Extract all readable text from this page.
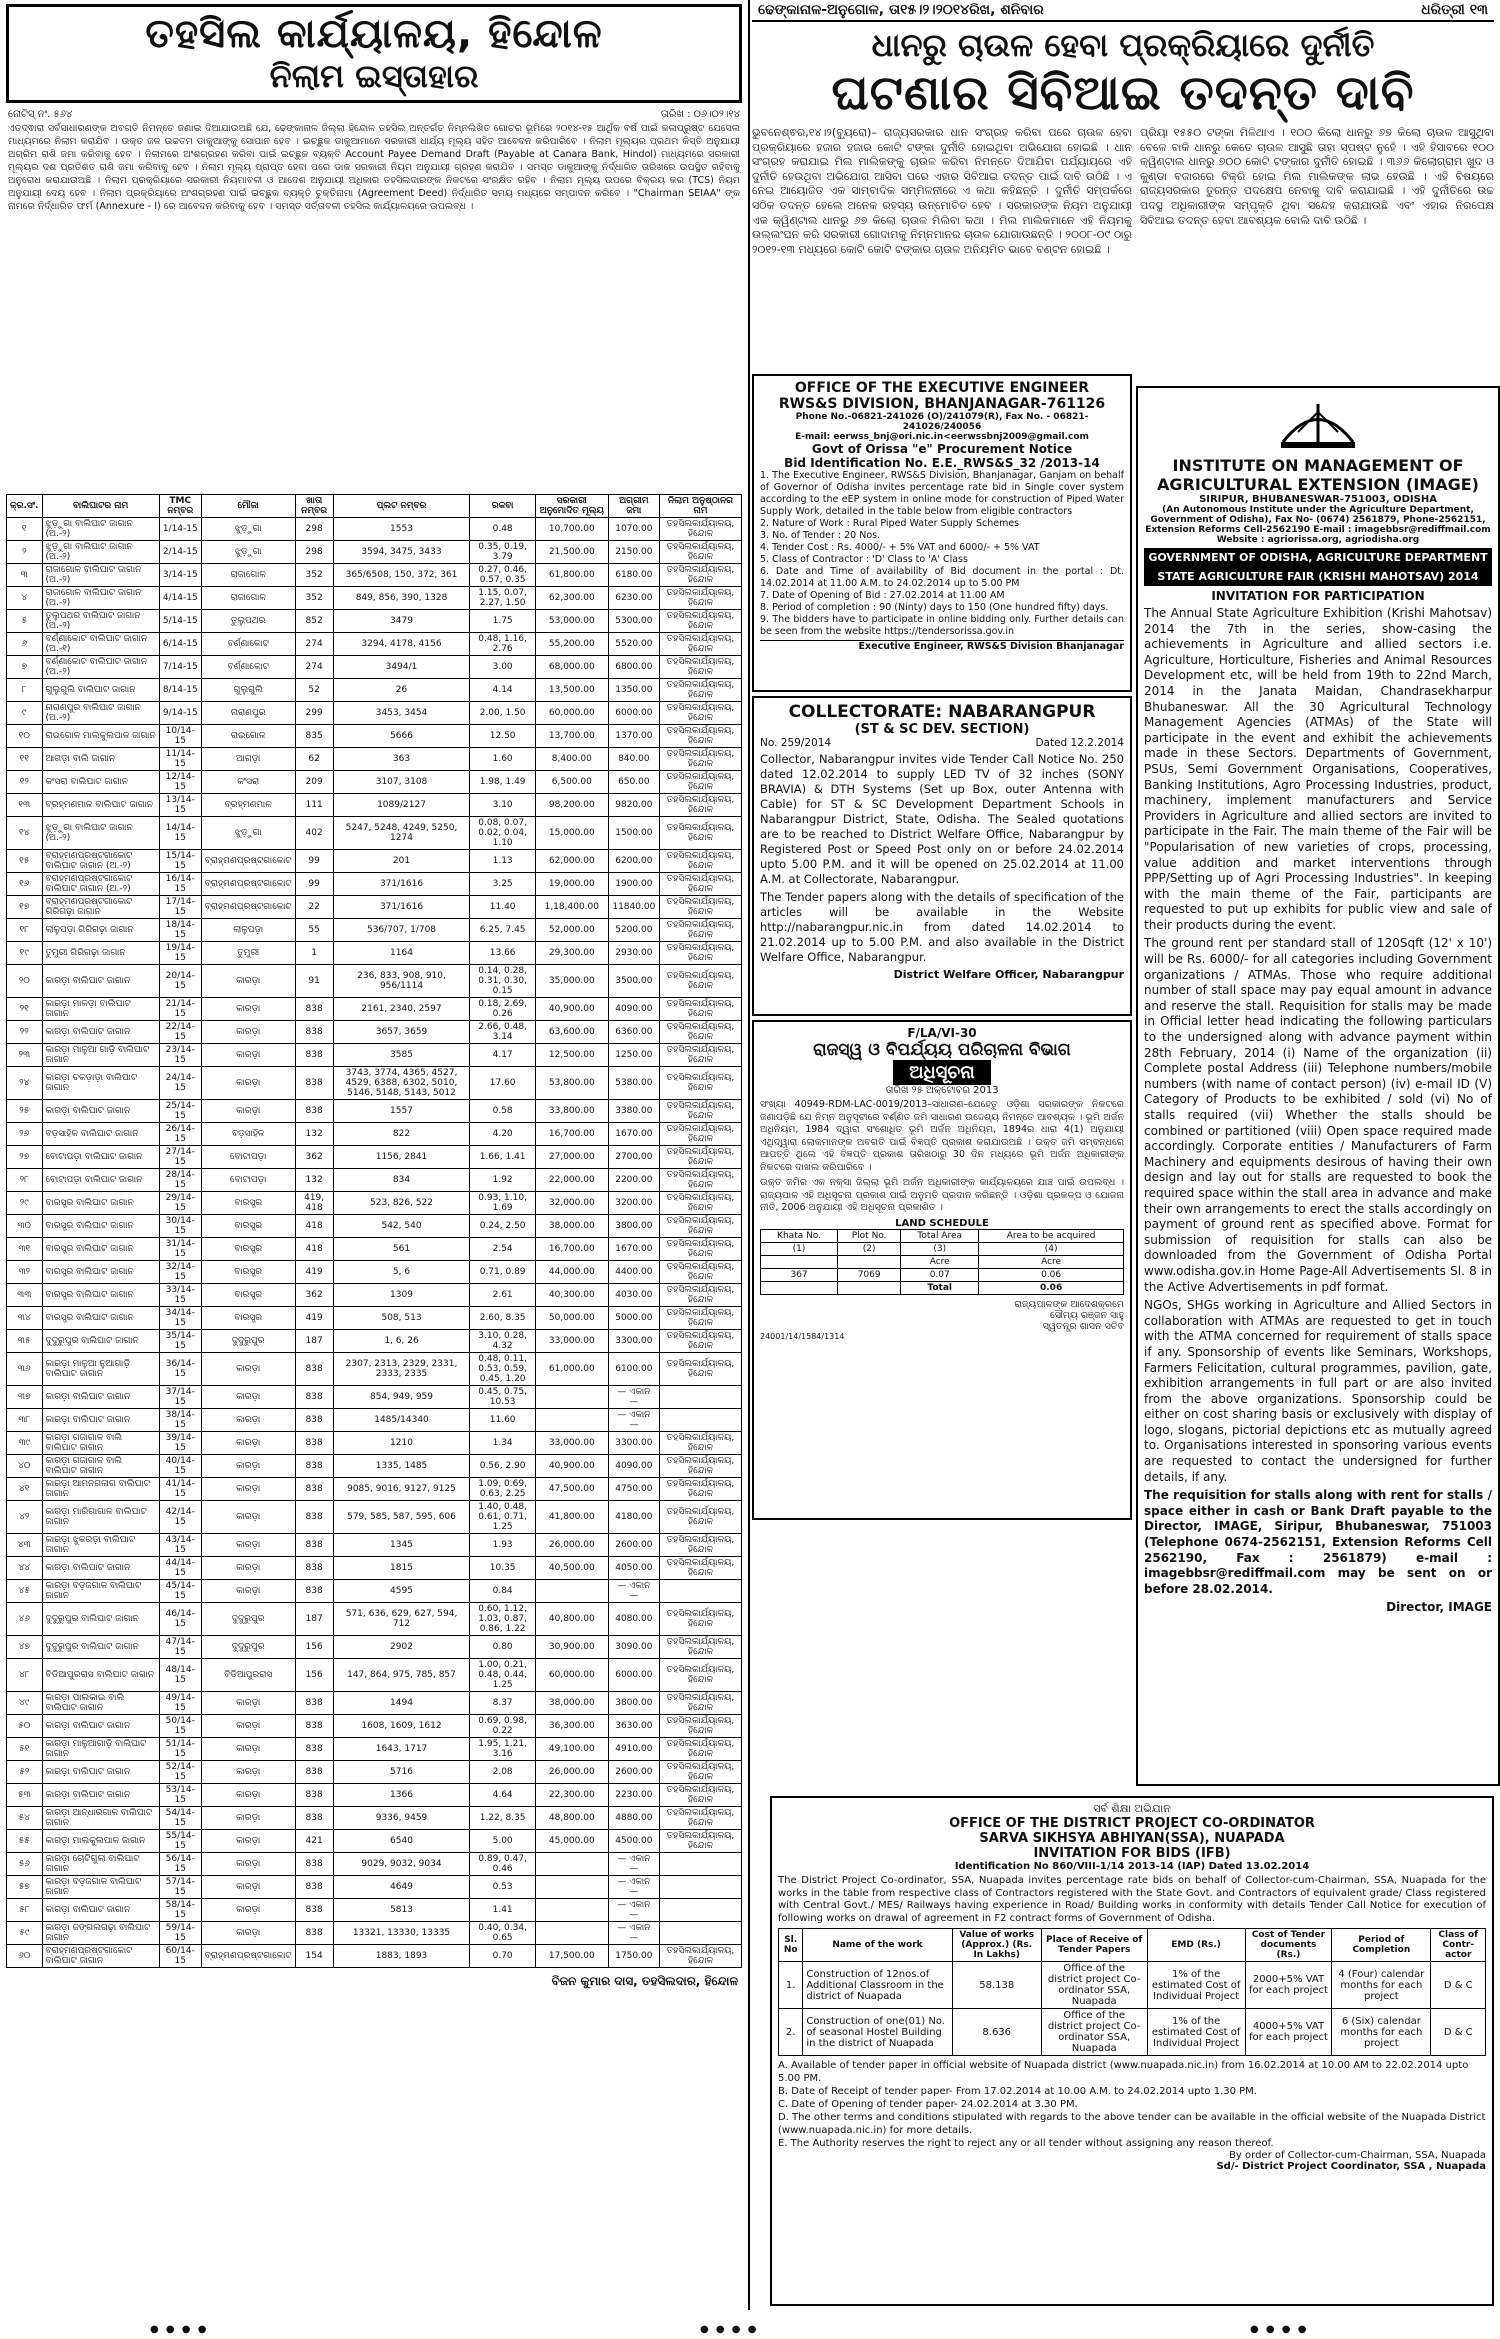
ତହସିଲ କାର୍ଯ୍ୟାଳୟ, ହିନ୍ଦୋଳ
ନିଲାମ ଇସ୍ତାହାର
ନୋଟିସ୍ ନଂ. ୫୬୪	ତାରିଖ : ୦୬।୦୨।୧୪
ଏତଦ୍ଵାରା ସର୍ବସାଧାରଣଙ୍କ ଅବଗତି ନିମନ୍ତେ ଜଣାଇ ଦିଆଯାଉଅଛି ଯେ, ଢେଙ୍କାନାଳ ଜିଲ୍ଲା ହିନ୍ଦୋଳ ତହସିଲ ଅନ୍ତର୍ଗତ ନିମ୍ନଲିଖିତ ଗୋଚର ଭୂମିରେ ୨୦୧୪-୧୫ ଆର୍ଥିକ ବର୍ଷ ପାଇଁ କଳାପ୍ରୁଷ୍ଟ ଯେସେଲ ମାଧ୍ୟମରେ ନିଲାମ କରାଯିବ । ଉକ୍ତ ଜଳ ଉଚ୍ଚତମ ଡାକୁଆଙ୍କୁ ସୋପାନ ହେବ । ଇଚ୍ଛୁକ ଡାକୁଆମାନେ ସରକାରୀ ଧାର୍ଯ୍ୟ ମୂଲ୍ୟ ସହିତ ଆବେଦନ କରିପାରିବେ । ନିଲାମ ମୂଲ୍ୟର ପ୍ରଥମ କିସ୍ତି ଅନୁଯାୟୀ ଅଗ୍ରିମ ରାଶି ଜମା କରିବାକୁ ହେବ । ନିଲାମରେ ଅଂଶଗ୍ରହଣ କରିବା ପାଇଁ ଇଚ୍ଛୁକ ବ୍ୟକ୍ତି Account Payee Demand Draft (Payable at Canara Bank, Hindol) ମାଧ୍ୟମରେ ସରକାରୀ ମୂଲ୍ୟର ଦଶ ପ୍ରତିଶତ ରାଶି ଜମା କରିବାକୁ ହେବ । ନିଲାମ ମୂଲ୍ୟ ପ୍ରାପ୍ତ ହେବା ପରେ ଡାକ ସରକାରୀ ନିୟମ ଅନୁଯାୟୀ ଗ୍ରହଣ କରାଯିବ । ସମସ୍ତ ଡାକୁଆଙ୍କୁ ନିର୍ଦ୍ଧାରିତ ତାରିଖରେ ଉପସ୍ଥିତ ରହିବାକୁ ଅନୁରୋଧ କରାଯାଉଅଛି । ନିଲାମ ପ୍ରକ୍ରିୟାରେ ସରକାରୀ ନିୟମାବଳୀ ଓ ଆଦେଶ ଅନୁଯାୟୀ ଅଧିକାର ତହସିଲଦାରଙ୍କ ନିକଟରେ ସଂରକ୍ଷିତ ରହିବ । ନିଲାମ ମୂଲ୍ୟ ଉପରେ ବିକ୍ରୟ କର (TCS) ନିୟମ ଅନୁଯାୟୀ ଦେୟ ହେବ । ନିଲାମ ପ୍ରକ୍ରିୟାରେ ଅଂଶଗ୍ରହଣ ପାଇଁ ଇଚ୍ଛୁକ ବ୍ୟକ୍ତି ଚୁକ୍ତିନାମା (Agreement Deed) ନିର୍ଦ୍ଧାରିତ ସମୟ ମଧ୍ୟରେ ସମ୍ପାଦନ କରିବେ । "Chairman SEIAA" ଙ୍କ ନାମରେ ନିର୍ଦ୍ଧାରିତ ଫର୍ମ (Annexure - I) ରେ ଆବେଦନ କରିବାକୁ ହେବ । ସମସ୍ତ ସର୍ତ୍ତାବଳୀ ତହସିଲ କାର୍ଯ୍ୟାଳୟରେ ଉପଲବ୍ଧ ।
କ୍ର.ସଂ.	ବାଲିଘାଟର ନାମ	TMC ନମ୍ବର	ମୌଜା	ଖାତା ନମ୍ବର	ପ୍ଲଟ ନମ୍ବର	ରକବା	ସରକାରୀ ଅନୁମୋଦିତ ମୂଲ୍ୟ	ଅଗ୍ରୀମ ଜମା	ନିଲାମ ଅନୁଷ୍ଠାନର ନାମ
୧	ଝୁଡ଼ୁଗା ବାଲିଘାଟ ଜାଗାନ (ଅ.-୨)	1/14-15	ଝୁଡ଼ୁଗା	298	1553	0.48	10,700.00	1070.00	ତହସିଲକାର୍ଯ୍ୟାଳୟ, ହିନ୍ଦୋଳ
୨	ଝୁଡ଼ୁଗା ବାଲିଘାଟ ଜାଗାନ (ଅ.-୨)	2/14-15	ଝୁଡ଼ୁଗା	298	3594, 3475, 3433	0.35, 0.19, 3.79	21,500.00	2150.00	ତହସିଲକାର୍ଯ୍ୟାଳୟ, ହିନ୍ଦୋଳ
୩	ରାଜାଗୋଳ ବାଲିଘାଟ ଜାଗାନ (ଅ.-୨)	3/14-15	ରାଜାଗୋଳ	352	365/6508, 150, 372, 361	0.27, 0.46, 0.57, 0.35	61,800.00	6180.00	ତହସିଲକାର୍ଯ୍ୟାଳୟ, ହିନ୍ଦୋଳ
୪	ରାଜାଗୋଳ ବାଲିଘାଟ ଜାଗାନ (ଅ.-୨)	4/14-15	ରାଜାଗୋଳ	352	849, 856, 390, 1328	1.15, 0.07, 2.27, 1.50	62,300.00	6230.00	ତହସିଲକାର୍ଯ୍ୟାଳୟ, ହିନ୍ଦୋଳ
୫	ତୁଲୁପଥର ବାଲିଘାଟ ଜାଗାନ (ଅ.-୨)	5/14-15	ତୁଲୁପଥର	852	3479	1.75	53,000.00	5300.00	ତହସିଲକାର୍ଯ୍ୟାଳୟ, ହିନ୍ଦୋଳ
୬	ବର୍ଣ୍ଣାକୋଟ ବାଲିଘାଟ ଜାଗାନ (ଅ.-୧)	6/14-15	ବର୍ଣ୍ଣାକୋଟ	274	3294, 4178, 4156	0.48, 1.16, 2.76	55,200.00	5520.00	ତହସିଲକାର୍ଯ୍ୟାଳୟ, ହିନ୍ଦୋଳ
୭	ବର୍ଣ୍ଣାକୋଟ ବାଲିଘାଟ ଜାଗାନ (ଅ.-୨)	7/14-15	ବର୍ଣ୍ଣାକୋଟ	274	3494/1	3.00	68,000.00	6800.00	ତହସିଲକାର୍ଯ୍ୟାଳୟ, ହିନ୍ଦୋଳ
୮	ଗୁଲୁଗୁଲି ବାଲିଘାଟ ଜାଗାନ	8/14-15	ଗୁଲୁଗୁଲି	52	26	4.14	13,500.00	1350.00	ତହସିଲକାର୍ଯ୍ୟାଳୟ, ହିନ୍ଦୋଳ
୯	ନାରାଣପୁର ବାଲିଘାଟ ଜାଗାନ (ଅ.-୨)	9/14-15	ନାରାଣପୁର	299	3453, 3454	2.00, 1.50	60,000.00	6000.00	ତହସିଲକାର୍ଯ୍ୟାଳୟ, ହିନ୍ଦୋଳ
୧୦	ରାଇଗୋଳ ମାଲକୁଲପାଳ ଜାଗାନ	10/14-15	ରାଇଗୋଳ	835	5666	12.50	13,700.00	1370.00	ତହସିଲକାର୍ଯ୍ୟାଳୟ, ହିନ୍ଦୋଳ
୧୧	ଆଗଡ଼ା ବାଲି ଜାଗାନ	11/14-15	ଆଗଡ଼ା	62	363	1.60	8,400.00	840.00	ତହସିଲକାର୍ଯ୍ୟାଳୟ, ହିନ୍ଦୋଳ
୧୨	କଂସରା ବାଲିଘାଟ ଜାଗାନ	12/14-15	କଂସରା	209	3107, 3108	1.98, 1.49	6,500.00	650.00	ତହସିଲକାର୍ଯ୍ୟାଳୟ, ହିନ୍ଦୋଳ
୧୩	ବ୍ରହ୍ମଣମାଳ ବାଲିଘାଟ ଜାଗାନ	13/14-15	ବ୍ରହ୍ମଣମାଳ	111	1089/2127	3.10	98,200.00	9820.00	ତହସିଲକାର୍ଯ୍ୟାଳୟ, ହିନ୍ଦୋଳ
୧୪	ଝୁଡ଼ୁଗା ବାଲିଘାଟ ଜାଗାନ (ଅ.-୨)	14/14-15	ଝୁଡ଼ୁଗା	402	5247, 5248, 4249, 5250, 1274	0.08, 0.07, 0.02, 0.04, 1.10	15,000.00	1500.00	ତହସିଲକାର୍ଯ୍ୟାଳୟ, ହିନ୍ଦୋଳ
୧୫	ବ୍ରାହ୍ମଣପ୍ରଷ୍ଟଗାକୋଟ ବାଲିଘାଟ ଜାଗାନ (ଅ.-୨)	15/14-15	ବ୍ରାହ୍ମଣପ୍ରଷ୍ଟଗାକୋଟ	99	201	1.13	62,000.00	6200.00	ତହସିଲକାର୍ଯ୍ୟାଳୟ, ହିନ୍ଦୋଳ
୧୬	ବ୍ରାହ୍ମଣପ୍ରଷ୍ଟଗାକୋଟ ବାଲିଘାଟ ଜାଗାନ (ଅ.-୨)	16/14-15	ବ୍ରାହ୍ମଣପ୍ରଷ୍ଟଗାକୋଟ	99	371/1616	3.25	19,000.00	1900.00	ତହସିଲକାର୍ଯ୍ୟାଳୟ, ହିନ୍ଦୋଳ
୧୭	ବ୍ରାହ୍ମଣପ୍ରଷ୍ଟଗାକୋଟ ଗିରିଗଢ଼ା ଜାଗାନ	17/14-15	ବ୍ରାହ୍ମଣପ୍ରଷ୍ଟଗାକୋଟ	22	371/1616	11.40	1,18,400.00	11840.00	ତହସିଲକାର୍ଯ୍ୟାଳୟ, ହିନ୍ଦୋଳ
୧୮	ଲାଳୁପଡ଼ା ଗିରିଗଢ଼ା ଜାଗାନ	18/14-15	ଲାଳୁପଡ଼ା	55	536/707, 1/708	6.25, 7.45	52,000.00	5200.00	ତହସିଲକାର୍ଯ୍ୟାଳୟ, ହିନ୍ଦୋଳ
୧୯	ତୁମୁରୀ ଗିରିଗଢ଼ା ଜାଗାନ	19/14-15	ତୁମୁରୀ	1	1164	13.66	29,300.00	2930.00	ତହସିଲକାର୍ଯ୍ୟାଳୟ, ହିନ୍ଦୋଳ
୨୦	କାରଡ଼ା ବାଲିଘାଟ ଜାଗାନ	20/14-15	କାରଡ଼ା	91	236, 833, 908, 910, 956/1114	0.14, 0.28, 0.31, 0.30, 0.15	35,000.00	3500.00	ତହସିଲକାର୍ଯ୍ୟାଳୟ, ହିନ୍ଦୋଳ
୨୧	କାରଡ଼ା ମାଳଡ଼ା ବାଲିଘାଟ ଜାଗାନ	21/14-15	କାରଡ଼ା	838	2161, 2340, 2597	0.18, 2.69, 0.26	40,900.00	4090.00	ତହସିଲକାର୍ଯ୍ୟାଳୟ, ହିନ୍ଦୋଳ
୨୨	କାରଡ଼ା ବାଲିଘାଟ ଜାଗାନ	22/14-15	କାରଡ଼ା	838	3657, 3659	2.66, 0.48, 3.14	63,600.00	6360.00	ତହସିଲକାର୍ଯ୍ୟାଳୟ, ହିନ୍ଦୋଳ
୨୩	କାରଡ଼ା ମାଳୁଆ ଗାଡ଼ି ବାଲିଘାଟ ଜାଗାନ	23/14-15	କାରଡ଼ା	838	3585	4.17	12,500.00	1250.00	ତହସିଲକାର୍ଯ୍ୟାଳୟ, ହିନ୍ଦୋଳ
୨୪	କାରଡ଼ା ଚକଡ଼ାଡ଼ା ବାଲିଘାଟ ଜାଗାନ	24/14-15	କାରଡ଼ା	838	3743, 3774, 4365, 4527, 4529, 6388, 6302, 5010, 5146, 5148, 5143, 5012	17.60	53,800.00	5380.00	ତହସିଲକାର୍ଯ୍ୟାଳୟ, ହିନ୍ଦୋଳ
୨୫	କାରଡ଼ା ବାଲିଘାଟ ଜାଗାନ	25/14-15	କାରଡ଼ା	838	1557	0.58	33,800.00	3380.00	ତହସିଲକାର୍ଯ୍ୟାଳୟ, ହିନ୍ଦୋଳ
୨୬	ବଡ଼ସାହିଳ ବାଲିଘାଟ ଜାଗାନ	26/14-15	ବଡ଼ସାହିଳ	132	822	4.20	16,700.00	1670.00	ତହସିଲକାର୍ଯ୍ୟାଳୟ, ହିନ୍ଦୋଳ
୨୭	ବୋଟାପଡ଼ା ବାଲିଘାଟ ଜାଗାନ	27/14-15	ବୋଟାପଡ଼ା	362	1156, 2841	1.66, 1.41	27,000.00	2700.00	ତହସିଲକାର୍ଯ୍ୟାଳୟ, ହିନ୍ଦୋଳ
୨୮	ବୋଟାପଡ଼ା ବାଲିଘାଟ ଜାଗାନ	28/14-15	ବୋଟାପଡ଼ା	132	834	1.92	22,000.00	2200.00	ତହସିଲକାର୍ଯ୍ୟାଳୟ, ହିନ୍ଦୋଳ
୨୯	ବାରସ୍ତ୍ର ବାଲିଘାଟ ଜାଗାନ	29/14-15	ବାରସ୍ତ୍ର	419, 418	523, 826, 522	0.93, 1.10, 1.69	32,000.00	3200.00	ତହସିଲକାର୍ଯ୍ୟାଳୟ, ହିନ୍ଦୋଳ
୩୦	ବାରସ୍ତ୍ର ବାଲିଘାଟ ଜାଗାନ	30/14-15	ବାରସ୍ତ୍ର	418	542, 540	0.24, 2.50	38,000.00	3800.00	ତହସିଲକାର୍ଯ୍ୟାଳୟ, ହିନ୍ଦୋଳ
୩୧	ବାରସ୍ତ୍ର ବାଲିଘାଟ ଜାଗାନ	31/14-15	ବାରସ୍ତ୍ର	418	561	2.54	16,700.00	1670.00	ତହସିଲକାର୍ଯ୍ୟାଳୟ, ହିନ୍ଦୋଳ
୩୨	ବାରସ୍ତ୍ର ବାଲିଘାଟ ଜାଗାନ	32/14-15	ବାରସ୍ତ୍ର	419	5, 6	0.71, 0.89	44,000.00	4400.00	ତହସିଲକାର୍ଯ୍ୟାଳୟ, ହିନ୍ଦୋଳ
୩୩	ବାରସ୍ତ୍ର ବାଲିଘାଟ ଜାଗାନ	33/14-15	ବାରସ୍ତ୍ର	362	1309	2.61	40,300.00	4030.00	ତହସିଲକାର୍ଯ୍ୟାଳୟ, ହିନ୍ଦୋଳ
୩୪	ବାରସ୍ତ୍ର ବାଲିଘାଟ ଜାଗାନ	34/14-15	ବାରସ୍ତ୍ର	419	508, 513	2.60, 8.35	50,000.00	5000.00	ତହସିଲକାର୍ଯ୍ୟାଳୟ, ହିନ୍ଦୋଳ
୩୫	ଦୁଦୁରୁପୁର ବାଲିଘାଟ ଜାଗାନ	35/14-15	ଦୁଦୁରୁପୁର	187	1, 6, 26	3.10, 0.28, 4.32	33,000.00	3300.00	ତହସିଲକାର୍ଯ୍ୟାଳୟ, ହିନ୍ଦୋଳ
୩୬	କାରଡ଼ା ମାଳୁଆ ନୁଆଗାଡ଼ି ବାଲିଘାଟ ଜାଗାନ	36/14-15	କାରଡ଼ା	838	2307, 2313, 2329, 2331, 2333, 2335	0.48, 0.11, 0.53, 0.59, 0.45, 1.20	61,000.00	6100.00	ତହସିଲକାର୍ଯ୍ୟାଳୟ, ହିନ୍ଦୋଳ
୩୭	କାରଡ଼ା ବାଲିଘାଟ ଜାଗାନ	37/14-15	କାରଡ଼ା	838	854, 949, 959	0.45, 0.75, 10.53		— ଏକାନ —	
୩୮	କାରଡ଼ା ବାଲିଘାଟ ଜାଗାନ	38/14-15	କାରଡ଼ା	838	1485/14340	11.60		— ଏକାନ —	
୩୯	କାରଡ଼ା ଗଜାଗାଳ ବାଲି ବାଲିଘାଟ ଜାଗାନ	39/14-15	କାରଡ଼ା	838	1210	1.34	33,000.00	3300.00	ତହସିଲକାର୍ଯ୍ୟାଳୟ, ହିନ୍ଦୋଳ
୪୦	କାରଡ଼ା ଗଜାଗାଳ ବାଲି ବାଲିଘାଟ ଜାଗାନ	40/14-15	କାରଡ଼ା	838	1335, 1485	0.56, 2.90	40,900.00	4090.00	ତହସିଲକାର୍ଯ୍ୟାଳୟ, ହିନ୍ଦୋଳ
୪୧	କାରଡ଼ା ଆମନଗଳାଗ ବାଲିଘାଟ ଜାଗାନ	41/14-15	କାରଡ଼ା	838	9085, 9016, 9127, 9125	1.09, 0.69, 0.63, 2.25	47,500.00	4750.00	ତହସିଲକାର୍ଯ୍ୟାଳୟ, ହିନ୍ଦୋଳ
୪୨	କାରଡ଼ା ମାରିଗାଗାଳ ବାଲିଘାଟ ଜାଗାନ	42/14-15	କାରଡ଼ା	838	579, 585, 587, 595, 606	1.40, 0.48, 0.61, 0.71, 1.25	41,800.00	4180.00	ତହସିଲକାର୍ଯ୍ୟାଳୟ, ହିନ୍ଦୋଳ
୪୩	କାରଡ଼ା ଝୁକରଡ଼ା ବାଲିଘାଟ ଜାଗାନ	43/14-15	କାରଡ଼ା	838	1345	1.93	26,000.00	2600.00	ତହସିଲକାର୍ଯ୍ୟାଳୟ, ହିନ୍ଦୋଳ
୪୪	କାରଡ଼ା ବାଲିଘାଟ ଜାଗାନ	44/14-15	କାରଡ଼ା	838	1815	10.35	40,500.00	4050.00	ତହସିଲକାର୍ଯ୍ୟାଳୟ, ହିନ୍ଦୋଳ
୪୫	କାରଡ଼ା ବଡ଼ଜଗାଳ ବାଲିଘାଟ ଜାଗାନ	45/14-15	କାରଡ଼ା	838	4595	0.84		— ଏକାନ —	
୪୬	ଦୁଦୁରୁପୁର ବାଲିଘାଟ ଜାଗାନ	46/14-15	ଦୁଦୁରୁପୁର	187	571, 636, 629, 627, 594, 712	0.60, 1.12, 1.03, 0.87, 0.86, 1.22	40,800.00	4080.00	ତହସିଲକାର୍ଯ୍ୟାଳୟ, ହିନ୍ଦୋଳ
୪୭	ଦୁଦୁରୁପୁର ବାଲିଘାଟ ଜାଗାନ	47/14-15	ଦୁଦୁରୁପୁର	156	2902	0.80	30,900.00	3090.00	ତହସିଲକାର୍ଯ୍ୟାଳୟ, ହିନ୍ଦୋଳ
୪୮	ବିଡିଆପୁରରାସ ବାଲିଘାଟ ଜାଗାନ	48/14-15	ବିଡିଆପୁରରାସ	156	147, 864, 975, 785, 857	1.00, 0.21, 0.48, 0.44, 1.25	60,000.00	6000.00	ତହସିଲକାର୍ଯ୍ୟାଳୟ, ହିନ୍ଦୋଳ
୪୯	କାରଡ଼ା ପାଲକାଇ ବାଲି ବାଲିଘାଟ ଜାଗାନ	49/14-15	କାରଡ଼ା	838	1494	8.37	38,000.00	3800.00	ତହସିଲକାର୍ଯ୍ୟାଳୟ, ହିନ୍ଦୋଳ
୫୦	କାରଡ଼ା ବାଲିଘାଟ ଜାଗାନ	50/14-15	କାରଡ଼ା	838	1608, 1609, 1612	0.69, 0.98, 0.22	36,300.00	3630.00	ତହସିଲକାର୍ଯ୍ୟାଳୟ, ହିନ୍ଦୋଳ
୫୧	କାରଡ଼ା ମାଳୁଆଗାଡ଼ି ବାଲିଘାଟ ଜାଗାନ	51/14-15	କାରଡ଼ା	838	1643, 1717	1.95, 1.21, 3.16	49,100.00	4910.00	ତହସିଲକାର୍ଯ୍ୟାଳୟ, ହିନ୍ଦୋଳ
୫୨	କାରଡ଼ା ବାଲିଘାଟ ଜାଗାନ	52/14-15	କାରଡ଼ା	838	5716	2.08	26,000.00	2600.00	ତହସିଲକାର୍ଯ୍ୟାଳୟ, ହିନ୍ଦୋଳ
୫୩	କାରଡ଼ା ବାଲିଘାଟ ଜାଗାନ	53/14-15	କାରଡ଼ା	838	1366	4.64	22,300.00	2230.00	ତହସିଲକାର୍ଯ୍ୟାଳୟ, ହିନ୍ଦୋଳ
୫୪	କାରଡ଼ା ଆନ୍ଧାରଗାଳ ବାଲିଘାଟ ଜାଗାନ	54/14-15	କାରଡ଼ା	838	9336, 9459	1.22, 8.35	48,800.00	4880.00	ତହସିଲକାର୍ଯ୍ୟାଳୟ, ହିନ୍ଦୋଳ
୫୫	କାରଡ଼ା ମାଲକୁଲପାଳ ଜାଗାନ	55/14-15	କାରଡ଼ା	421	6540	5.00	45,000.00	4500.00	ତହସିଲକାର୍ଯ୍ୟାଳୟ, ହିନ୍ଦୋଳ
୫୬	କାରଡ଼ା ଚୋଟିଗୁଲା ବାଲିଘାଟ ଜାଗାନ	56/14-15	କାରଡ଼ା	838	9029, 9032, 9034	0.89, 0.47, 0.46		— ଏକାନ —	
୫୭	କାରଡ଼ା ବଡ଼ଜଗାଳ ବାଲିଘାଟ ଜାଗାନ	57/14-15	କାରଡ଼ା	838	4649	0.53		— ଏକାନ —	
୫୮	କାରଡ଼ା ବାଲିଘାଟ ଜାଗାନ	58/14-15	କାରଡ଼ା	838	5813	1.41		— ଏକାନ —	
୫୯	କାରଡ଼ା ଜଙ୍ଗଲଗଢ଼ା ବାଲିଘାଟ ଜାଗାନ	59/14-15	କାରଡ଼ା	838	13321, 13330, 13335	0.40, 0.34, 0.65		— ଏକାନ —	
୬୦	ବ୍ରାହ୍ମଣପ୍ରଷ୍ଟଗାକୋଟ ବାଲିଘାଟ ଜାଗାନ	60/14-15	ବ୍ରାହ୍ମଣପ୍ରଷ୍ଟଗାକୋଟ	154	1883, 1893	0.70	17,500.00	1750.00	ତହସିଲକାର୍ଯ୍ୟାଳୟ, ହିନ୍ଦୋଳ
ବିଜନ କୁମାର ଦାସ, ତହସିଲଦାର, ହିନ୍ଦୋଳ
ଢେଙ୍କାନାଳ-ଅନୁଗୋଳ, ତା୧୫।୨।୨୦୧୪ରିଖ, ଶନିବାର	ଧରିତ୍ରୀ ୧୩
ଧାନରୁ ଚାଉଳ ହେବା ପ୍ରକ୍ରିୟାରେ ଦୁର୍ନୀତି
ଘଟଣାର ସିବିଆଇ ତଦନ୍ତ ଦାବି
ଭୁବନେଶ୍ଵର,୧୪।୨(ବ୍ୟୁରୋ)– ରାଜ୍ୟସରକାର ଧାନ ସଂଗ୍ରହ କରିବା ପରେ ଚାଉଳ ହେବା ପ୍ରକ୍ରିୟାରେ ହଜାର ହଜାର କୋଟି ଟଙ୍କା ଦୁର୍ନୀତି ହୋଇଥିବା ଅଭିଯୋଗ ହୋଇଛି । ଧାନ ସଂଗ୍ରହ କରାଯାଇ ମିଲ ମାଲିକଙ୍କୁ ଚାଉଳ କରିବା ନିମନ୍ତେ ଦିଆଯିବା ପର୍ଯ୍ୟାୟରେ ଏହି ଦୁର୍ନୀତି ହେଉଥିବା ଅଭିଯୋଗ ଆସିବା ପରେ ଏହାର ସିବିଆଇ ତଦନ୍ତ ପାଇଁ ଦାବି ଉଠିଛି । ଏ ନେଇ ଆୟୋଜିତ ଏକ ସାମ୍ବାଦିକ ସମ୍ମିଳନୀରେ ଏ କଥା କହିଛନ୍ତି । ଦୁର୍ନୀତି ସମ୍ପର୍କରେ ସଠିକ ତଦନ୍ତ ହେଲେ ଅନେକ ରହସ୍ୟ ଉନ୍ମୋଚିତ ହେବ । ସରକାରଙ୍କ ନିୟମ ଅନୁଯାୟୀ ଏକ କ୍ୱିଣ୍ଟାଲ ଧାନରୁ ୬୭ କିଲୋ ଚାଉଳ ମିଲିବା କଥା । ମିଲ ମାଲିକମାନେ ଏହି ନିୟମକୁ ଉଲ୍ଲଂଘନ କରି ସରକାରୀ ଗୋଦାମକୁ ନିମ୍ନମାନର ଚାଉଳ ଯୋଗାଉଛନ୍ତି । ୨୦୦୮-୦୯ ଠାରୁ ୨୦୧୨-୧୩ ମଧ୍ୟରେ କୋଟି କୋଟି ଟଙ୍କାର ଚାଉଳ ଅନିୟମିତ ଭାବେ ବଣ୍ଟନ ହୋଇଛି ।
ପ୍ରିୟା ୧୫୫୦ ଟଙ୍କା ମିଳିଥାଏ । ୧୦୦ କିଲୋ ଧାନରୁ ୬୭ କିଲୋ ଚାଉଳ ଆସୁଥିବା ବେଳେ ବାକି ଧାନରୁ କେତେ ଚାଉଳ ଆସୁଛି ତାହା ସ୍ପଷ୍ଟ ନୁହେଁ । ଏହି ହିସାବରେ ୧୦୦ କ୍ୱିଣ୍ଟାଲ ଧାନରୁ ୭୦୦ କୋଟି ଟଙ୍କାର ଦୁର୍ନୀତି ହୋଇଛି । ୩୬୬ କିଲୋଗ୍ରାମ ଖୁଦ ଓ କୁଣ୍ଡା ବଜାରରେ ବିକ୍ରି ହୋଇ ମିଲ ମାଲିକଙ୍କ ଲାଭ ହେଉଛି । ଏହି ବିଷୟରେ ରାଜ୍ୟସରକାର ତୁରନ୍ତ ପଦକ୍ଷେପ ନେବାକୁ ଦାବି କରାଯାଇଛି । ଏହି ଦୁର୍ନୀତିରେ ଉଚ୍ଚ ପଦସ୍ଥ ଅଧିକାରୀଙ୍କ ସମ୍ପୃକ୍ତି ଥିବା ସନ୍ଦେହ କରାଯାଉଛି ଏବଂ ଏହାର ନିରପେକ୍ଷ ସିବିଆଇ ତଦନ୍ତ ହେବା ଆବଶ୍ୟକ ବୋଲି ଦାବି ଉଠିଛି ।
OFFICE OF THE EXECUTIVE ENGINEER
RWS&S DIVISION, BHANJANAGAR-761126
Phone No.-06821-241026 (O)/241079(R), Fax No. - 06821-241026/240056
E-mail: eerwss_bnj@ori.nic.in<eerwssbnj2009@gmail.com
Govt of Orissa "e" Procurement Notice
Bid Identification No. E.E._RWS&S_32 /2013-14
1. The Executive Engineer, RWS&S Division, Bhanjanagar, Ganjam on behalf of Governor of Odisha invites percentage rate bid in Single cover system according to the eEP system in online mode for construction of Piped Water Supply Work, detailed in the table below from eligible contractors
2. Nature of Work : Rural Piped Water Supply Schemes
3. No. of Tender : 20 Nos.
4. Tender Cost : Rs. 4000/- + 5% VAT and 6000/- + 5% VAT
5. Class of Contractor : 'D' Class to 'A' Class
6. Date and Time of availability of Bid document in the portal : Dt. 14.02.2014 at 11.00 A.M. to 24.02.2014 up to 5.00 PM
7. Date of Opening of Bid : 27.02.2014 at 11.00 AM
8. Period of completion : 90 (Ninty) days to 150 (One hundred fifty) days.
9. The bidders have to participate in online bidding only. Further details can be seen from the website https://tendersorissa.gov.in
Executive Engineer, RWS&S Division Bhanjanagar
COLLECTORATE: NABARANGPUR
(ST & SC DEV. SECTION)
No. 259/2014	Dated 12.2.2014

Collector, Nabarangpur invites vide Tender Call Notice No. 250 dated 12.02.2014 to supply LED TV of 32 inches (SONY BRAVIA) & DTH Systems (Set up Box, outer Antenna with Cable) for ST & SC Development Department Schools in Nabarangpur District, State, Odisha. The Sealed quotations are to be reached to District Welfare Office, Nabarangpur by Registered Post or Speed Post only on or before 24.02.2014 upto 5.00 P.M. and it will be opened on 25.02.2014 at 11.00 A.M. at Collectorate, Nabarangpur.

The Tender papers along with the details of specification of the articles will be available in the Website http://nabarangpur.nic.in from dated 14.02.2014 to 21.02.2014 up to 5.00 P.M. and also available in the District Welfare Office, Nabarangpur.

District Welfare Officer, Nabarangpur
F/LA/VI-30
ରାଜସ୍ୱ ଓ ବିପର୍ଯ୍ୟୟ ପରିଚାଳନା ବିଭାଗ
ଅଧିସୂଚନା
ତାରିଖ ୨୫ ଅକ୍ଟୋବର 2013

ସଂଖ୍ୟା 40949-RDM-LAC-0019/2013–ସାଧାରଣ–ଯେହେତୁ ଓଡ଼ିଶା ସରକାରଙ୍କ ନିକଟରେ ଜଣାପଡ଼ିଛି ଯେ ନିମ୍ନ ଅନୁସୂଚୀରେ ବର୍ଣ୍ଣିତ ଜମି ସାଧାରଣ ଉଦ୍ଦେଶ୍ୟ ନିମନ୍ତେ ଆବଶ୍ୟକ । ଭୂମି ଅର୍ଜନ ଅଧିନିୟମ, 1984 ଦ୍ୱାରା ସଂଶୋଧିତ ଭୂମି ଅର୍ଜନ ଅଧିନିୟମ, 1894ର ଧାରା 4(1) ଅନୁଯାୟୀ ଏଥିଦ୍ୱାରା ଲୋକମାନଙ୍କ ଅବଗତି ପାଇଁ ବିଜ୍ଞପ୍ତି ପ୍ରକାଶ କରାଯାଉଅଛି । ଉକ୍ତ ଜମି ସମ୍ବନ୍ଧରେ ଆପତ୍ତି ଥିଲେ ଏହି ବିଜ୍ଞପ୍ତି ପ୍ରକାଶ ତାରିଖଠାରୁ 30 ଦିନ ମଧ୍ୟରେ ଭୂମି ଅର୍ଜନ ଅଧିକାରୀଙ୍କ ନିକଟରେ ଦାଖଲ କରିପାରିବେ ।

ଉକ୍ତ ଜମିର ଏକ ନକ୍ସା ଜିଲ୍ଲା ଭୂମି ଅର୍ଜନ ଅଧିକାରୀଙ୍କ କାର୍ଯ୍ୟାଳୟରେ ଯାଞ୍ଚ ପାଇଁ ଉପଲବ୍ଧ । ରାଜ୍ୟପାଳ ଏହି ଅଧିସୂଚନା ପ୍ରକାଶ ପାଇଁ ଅନୁମତି ପ୍ରଦାନ କରିଛନ୍ତି । ଓଡ଼ିଶା ପ୍ରକଳ୍ପ ଓ ଯୋଜନା ନୀତି, 2006 ଅନୁଯାୟୀ ଏହି ଅଧିସୂଚନା ପ୍ରକାଶିତ ।

LAND SCHEDULE
Khata No.	Plot No.	Total Area	Area to be acquired
(1)	(2)	(3)	(4)
		Acre	Acre
367	7069	0.07	0.06
		Total	0.06
ରାଜ୍ୟପାଳଙ୍କ ଆଦେଶକ୍ରମେ
ସୌମ୍ୟ ରଞ୍ଜନ ସାହୁ
ସ୍ୱତନ୍ତ୍ର ଶାସନ ସଚିବ
24001/14/1584/1314
INSTITUTE ON MANAGEMENT OF
AGRICULTURAL EXTENSION (IMAGE)
SIRIPUR, BHUBANESWAR-751003, ODISHA
(An Autonomous Institute under the Agriculture Department, Government of Odisha), Fax No- (0674) 2561879, Phone-2562151,
Extension Reforms Cell-2562190 E-mail : imagebbsr@rediffmail.com
Website : agriorissa.org, agriodisha.org
GOVERNMENT OF ODISHA, AGRICULTURE DEPARTMENT
STATE AGRICULTURE FAIR (KRISHI MAHOTSAV) 2014
INVITATION FOR PARTICIPATION

The Annual State Agriculture Exhibition (Krishi Mahotsav) 2014 the 7th in the series, show-casing the achievements in Agriculture and allied sectors i.e. Agriculture, Horticulture, Fisheries and Animal Resources Development etc, will be held from 19th to 22nd March, 2014 in the Janata Maidan, Chandrasekharpur Bhubaneswar. All the 30 Agricultural Technology Management Agencies (ATMAs) of the State will participate in the event and exhibit the achievements made in these Sectors. Departments of Government, PSUs, Semi Government Organisations, Cooperatives, Banking Institutions, Agro Processing Industries, product, machinery, implement manufacturers and Service Providers in Agriculture and allied sectors are invited to participate in the Fair. The main theme of the Fair will be "Popularisation of new varieties of crops, processing, value addition and market interventions through PPP/Setting up of Agri Processing Industries". In keeping with the main theme of the Fair, participants are requested to put up exhibits for public view and sale of their products during the event.

The ground rent per standard stall of 120Sqft (12' x 10') will be Rs. 6000/- for all categories including Government organizations / ATMAs. Those who require additional number of stall space may pay equal amount in advance and reserve the stall. Requisition for stalls may be made in Official letter head indicating the following particulars to the undersigned along with advance payment within 28th February, 2014 (i) Name of the organization (ii) Complete postal Address (iii) Telephone numbers/mobile numbers (with name of contact person) (iv) e-mail ID (V) Category of Products to be exhibited / sold (vi) No of stalls required (vii) Whether the stalls should be combined or partitioned (viii) Open space required made accordingly. Corporate entities / Manufacturers of Farm Machinery and equipments desirous of having their own design and lay out for stalls are requested to book the required space within the stall area in advance and make their own arrangements to erect the stalls accordingly on payment of ground rent as specified above. Format for submission of requisition for stalls can also be downloaded from the Government of Odisha Portal www.odisha.gov.in Home Page-All Advertisements Sl. 8 in the Active Advertisements in pdf format.

NGOs, SHGs working in Agriculture and Allied Sectors in collaboration with ATMAs are requested to get in touch with the ATMA concerned for requirement of stalls space if any. Sponsorship of events like Seminars, Workshops, Farmers Felicitation, cultural programmes, pavilion, gate, exhibition arrangements in full part or are also invited from the above organizations. Sponsorship could be either on cost sharing basis or exclusively with display of logo, slogans, pictorial depictions etc as mutually agreed to. Organisations interested in sponsoring various events are requested to contact the undersigned for further details, if any.

The requisition for stalls along with rent for stalls / space either in cash or Bank Draft payable to the Director, IMAGE, Siripur, Bhubaneswar, 751003 (Telephone 0674-2562151, Extension Reforms Cell 2562190, Fax : 2561879) e-mail : imagebbsr@rediffmail.com may be sent on or before 28.02.2014.

Director, IMAGE
ସର୍ବ ଶିକ୍ଷା ଅଭିଯାନ
OFFICE OF THE DISTRICT PROJECT CO-ORDINATOR
SARVA SIKHSYA ABHIYAN(SSA), NUAPADA
INVITATION FOR BIDS (IFB)
Identification No 860/VIII-1/14 2013-14 (IAP) Dated 13.02.2014

The District Project Co-ordinator, SSA, Nuapada invites percentage rate bids on behalf of Collector-cum-Chairman, SSA, Nuapada for the works in the table from respective class of Contractors registered with the State Govt. and Contractors of equivalent grade/ Class registered with Central Govt./ MES/ Railways having experience in Road/ Building works in conformity with details Tender Call Notice for execution of following works on drawal of agreement in F2 contract forms of Government of Odisha.

Sl. No	Name of the work	Value of works (Approx.) (Rs. In Lakhs)	Place of Receive of Tender Papers	EMD (Rs.)	Cost of Tender documents (Rs.)	Period of Completion	Class of Contr-actor
1.	Construction of 12nos.of Additional Classroom in the district of Nuapada	58.138	Office of the district project Co-ordinator SSA, Nuapada	1% of the estimated Cost of Individual Project	2000+5% VAT for each project	4 (Four) calendar months for each project	D & C
2.	Construction of one(01) No. of seasonal Hostel Building in the district of Nuapada	8.636	Office of the district project Co-ordinator SSA, Nuapada	1% of the estimated Cost of Individual Project	4000+5% VAT for each project	6 (Six) calendar months for each project	D & C
A. Available of tender paper in official website of Nuapada district (www.nuapada.nic.in) from 16.02.2014 at 10.00 AM to 22.02.2014 upto 5.00 PM.
B. Date of Receipt of tender paper- From 17.02.2014 at 10.00 A.M. to 24.02.2014 upto 1.30 PM.
C. Date of Opening of tender paper- 24.02.2014 at 3.30 PM.
D. The other terms and conditions stipulated with regards to the above tender can be available in the official website of the Nuapada District (www.nuapada.nic.in) for more details.
E. The Authority reserves the right to reject any or all tender without assigning any reason thereof.
By order of Collector-cum-Chairman, SSA, Nuapada
Sd/- District Project Coordinator, SSA , Nuapada
● ● ● ●	● ● ● ●	● ● ● ●
